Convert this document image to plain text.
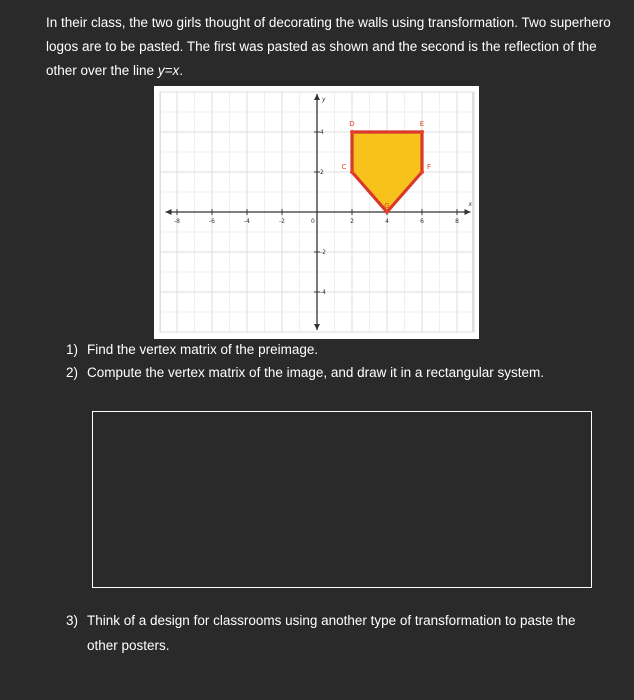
In their class, the two girls thought of decorating the walls using transformation. Two superhero logos are to be pasted. The first was pasted as shown and the second is the reflection of the other over the line y=x.
x
y
-8	-6	-4	-2	2	4	6	8
-4
-2
2
4
0
C
D	E
F
G
1) Find the vertex matrix of the preimage.
2) Compute the vertex matrix of the image, and draw it in a rectangular system.
3) Think of a design for classrooms using another type of transformation to paste the other posters.
